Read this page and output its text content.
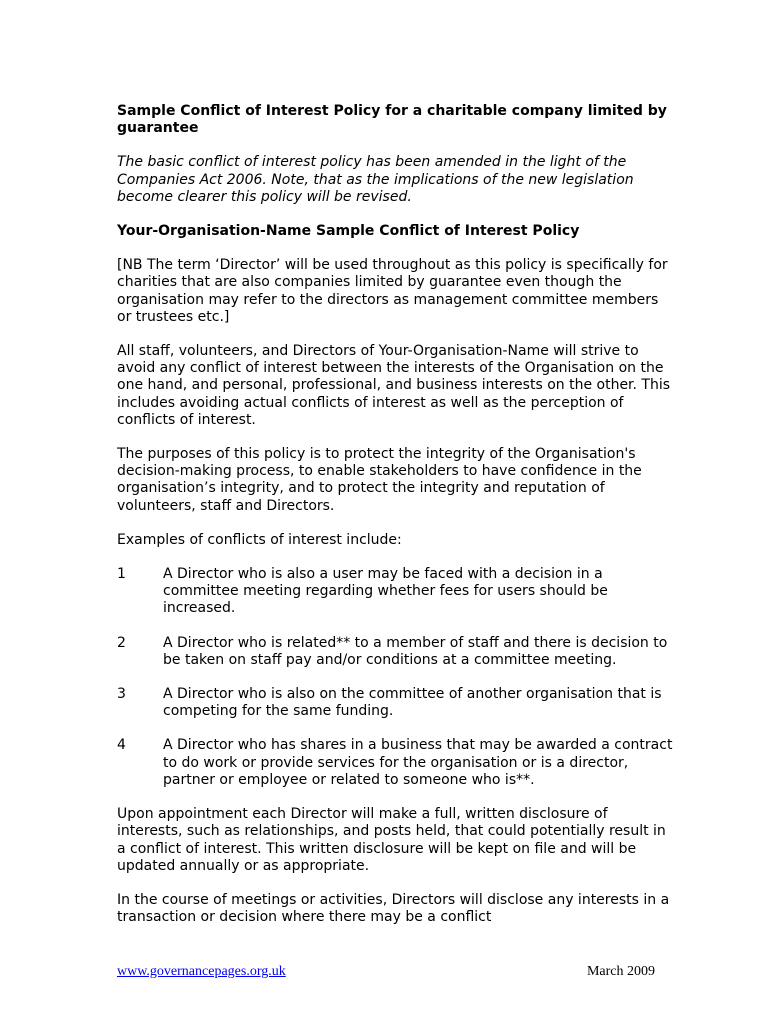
Sample Conflict of Interest Policy for a charitable company limited by guarantee
The basic conflict of interest policy has been amended in the light of the Companies Act 2006. Note, that as the implications of the new legislation become clearer this policy will be revised.
Your-Organisation-Name Sample Conflict of Interest Policy

[NB The term ‘Director’ will be used throughout as this policy is specifically for charities that are also companies limited by guarantee even though the organisation may refer to the directors as management committee members or trustees etc.]

All staff, volunteers, and Directors of Your-Organisation-Name will strive to avoid any conflict of interest between the interests of the Organisation on the one hand, and personal, professional, and business interests on the other. This includes avoiding actual conflicts of interest as well as the perception of conflicts of interest.

The purposes of this policy is to protect the integrity of the Organisation's decision-making process, to enable stakeholders to have confidence in the organisation’s integrity, and to protect the integrity and reputation of volunteers, staff and Directors.

Examples of conflicts of interest include:

1	A Director who is also a user may be faced with a decision in a committee meeting regarding whether fees for users should be increased.
2	A Director who is related** to a member of staff and there is decision to be taken on staff pay and/or conditions at a committee meeting.
3	A Director who is also on the committee of another organisation that is competing for the same funding.
4	A Director who has shares in a business that may be awarded a contract to do work or provide services for the organisation or is a director, partner or employee or related to someone who is**.

Upon appointment each Director will make a full, written disclosure of interests, such as relationships, and posts held, that could potentially result in a conflict of interest. This written disclosure will be kept on file and will be updated annually or as appropriate.

In the course of meetings or activities, Directors will disclose any interests in a transaction or decision where there may be a conflict

www.governancepages.org.uk	March 2009
